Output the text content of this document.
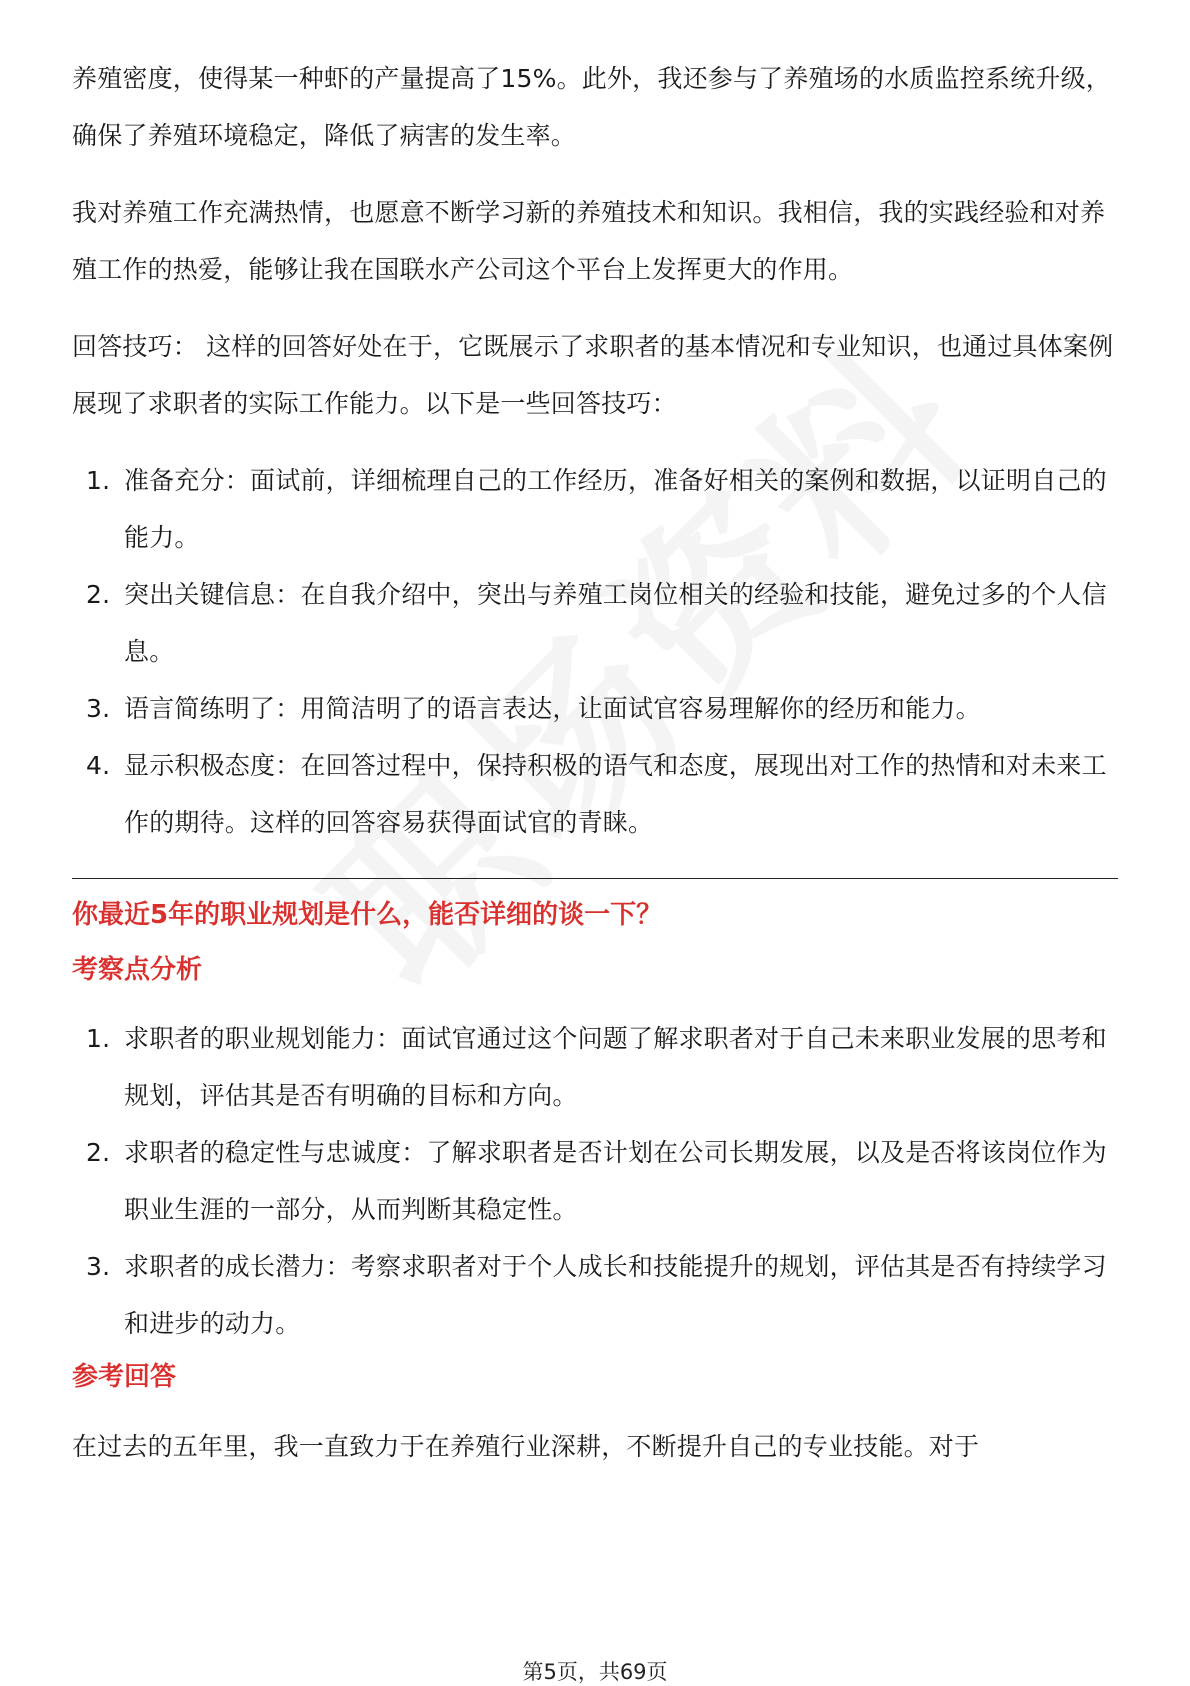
养殖密度，使得某一种虾的产量提高了15%。此外，我还参与了养殖场的水质监控系统升级，确保了养殖环境稳定，降低了病害的发生率。

我对养殖工作充满热情，也愿意不断学习新的养殖技术和知识。我相信，我的实践经验和对养殖工作的热爱，能够让我在国联水产公司这个平台上发挥更大的作用。

回答技巧： 这样的回答好处在于，它既展示了求职者的基本情况和专业知识，也通过具体案例展现了求职者的实际工作能力。以下是一些回答技巧：

1. 准备充分：面试前，详细梳理自己的工作经历，准备好相关的案例和数据，以证明自己的能力。
2. 突出关键信息：在自我介绍中，突出与养殖工岗位相关的经验和技能，避免过多的个人信息。
3. 语言简练明了：用简洁明了的语言表达，让面试官容易理解你的经历和能力。
4. 显示积极态度：在回答过程中，保持积极的语气和态度，展现出对工作的热情和对未来工作的期待。这样的回答容易获得面试官的青睐。
你最近5年的职业规划是什么，能否详细的谈一下？
考察点分析
1. 求职者的职业规划能力：面试官通过这个问题了解求职者对于自己未来职业发展的思考和规划，评估其是否有明确的目标和方向。
2. 求职者的稳定性与忠诚度：了解求职者是否计划在公司长期发展，以及是否将该岗位作为职业生涯的一部分，从而判断其稳定性。
3. 求职者的成长潜力：考察求职者对于个人成长和技能提升的规划，评估其是否有持续学习和进步的动力。
参考回答

在过去的五年里，我一直致力于在养殖行业深耕，不断提升自己的专业技能。对于

第5页，共69页
